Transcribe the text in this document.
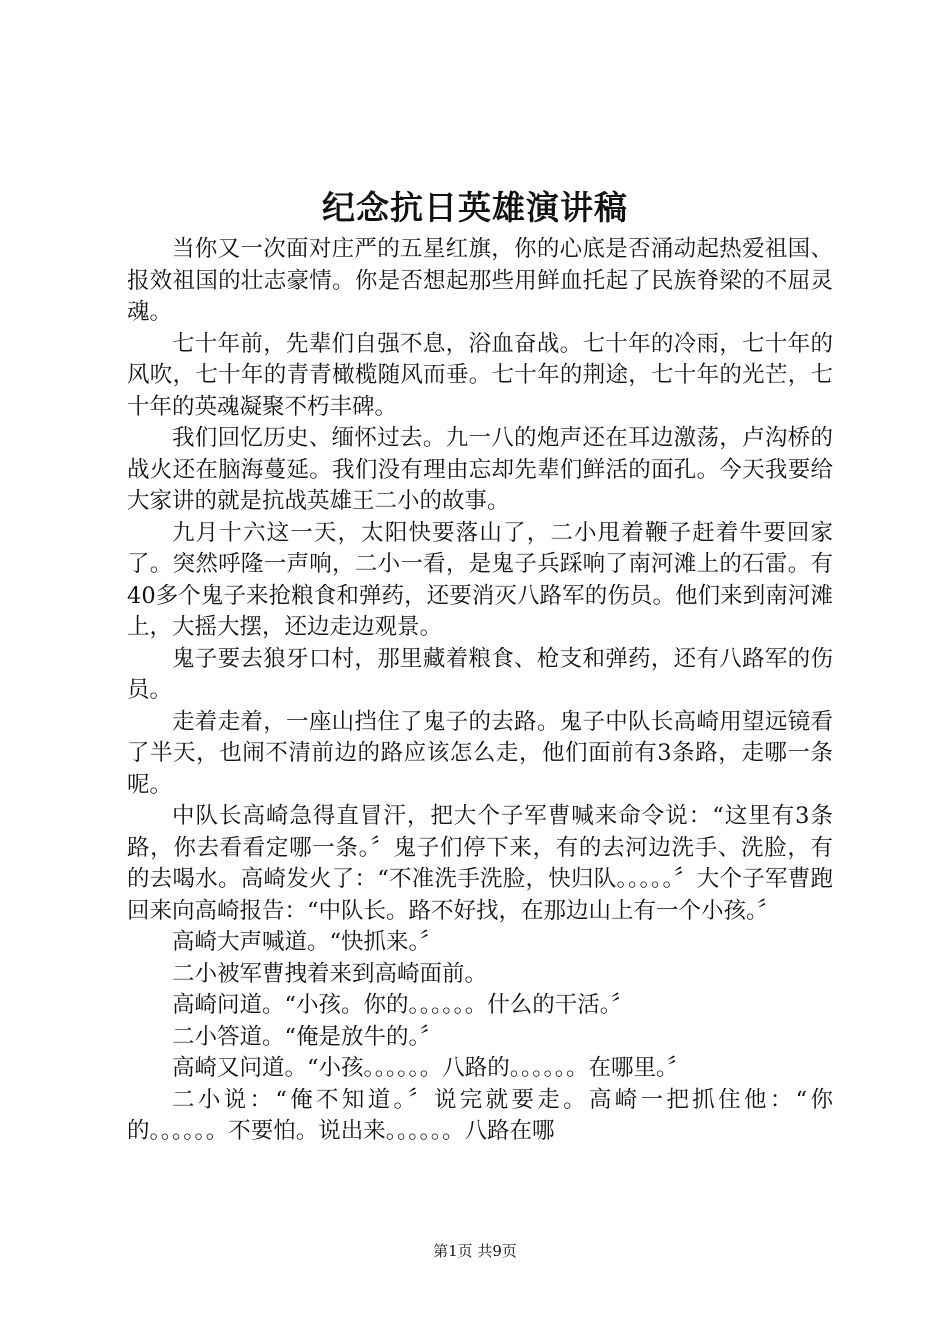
纪念抗日英雄演讲稿

当你又一次面对庄严的五星红旗，你的心底是否涌动起热爱祖国、报效祖国的壮志豪情。你是否想起那些用鲜血托起了民族脊梁的不屈灵魂。

七十年前，先辈们自强不息，浴血奋战。七十年的冷雨，七十年的风吹，七十年的青青橄榄随风而垂。七十年的荆途，七十年的光芒，七十年的英魂凝聚不朽丰碑。

我们回忆历史、缅怀过去。九一八的炮声还在耳边激荡，卢沟桥的战火还在脑海蔓延。我们没有理由忘却先辈们鲜活的面孔。今天我要给大家讲的就是抗战英雄王二小的故事。

九月十六这一天，太阳快要落山了，二小甩着鞭子赶着牛要回家了。突然呼隆一声响，二小一看，是鬼子兵踩响了南河滩上的石雷。有40多个鬼子来抢粮食和弹药，还要消灭八路军的伤员。他们来到南河滩上，大摇大摆，还边走边观景。

鬼子要去狼牙口村，那里藏着粮食、枪支和弹药，还有八路军的伤员。

走着走着，一座山挡住了鬼子的去路。鬼子中队长高崎用望远镜看了半天，也闹不清前边的路应该怎么走，他们面前有3条路，走哪一条呢。

中队长高崎急得直冒汗，把大个子军曹喊来命令说：“这里有3条路，你去看看定哪一条。〞鬼子们停下来，有的去河边洗手、洗脸，有的去喝水。高崎发火了：“不准洗手洗脸，快归队。。。。。〞大个子军曹跑回来向高崎报告：“中队长。路不好找，在那边山上有一个小孩。〞

高崎大声喊道。“快抓来。〞

二小被军曹拽着来到高崎面前。

高崎问道。“小孩。你的。。。。。。什么的干活。〞

二小答道。“俺是放牛的。〞

高崎又问道。“小孩。。。。。。八路的。。。。。。在哪里。〞

二小说：“俺不知道。〞说完就要走。高崎一把抓住他：“你的。。。。。。不要怕。说出来。。。。。。八路在哪

第1页 共9页
